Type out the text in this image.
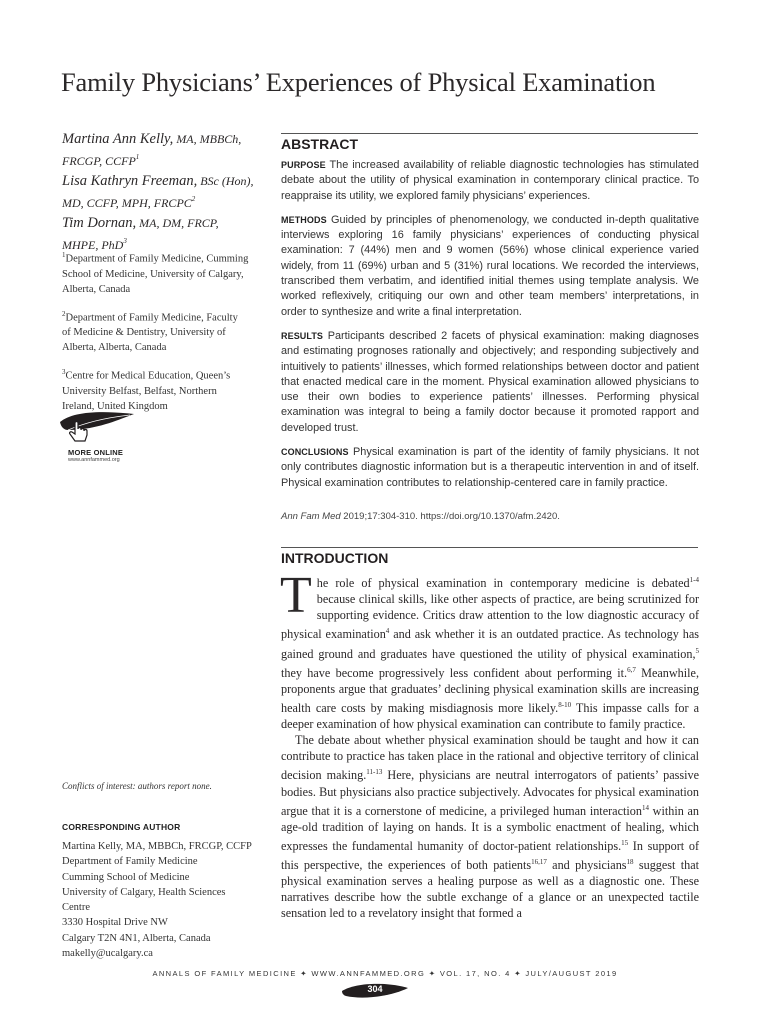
Family Physicians’ Experiences of Physical Examination

Martina Ann Kelly, MA, MBBCh,
FRCGP, CCFP$^1$

Lisa Kathryn Freeman, BSc (Hon),
MD, CCFP, MPH, FRCPC$^2$

Tim Dornan, MA, DM, FRCP,
MHPE, PhD$^3$

$^1$Department of Family Medicine, Cumming
School of Medicine, University of Calgary,
Alberta, Canada

$^2$Department of Family Medicine, Faculty
of Medicine & Dentistry, University of
Alberta, Alberta, Canada

$^3$Centre for Medical Education, Queen’s
University Belfast, Belfast, Northern
Ireland, United Kingdom

MORE ONLINE
www.annfammed.org
Conflicts of interest: authors report none.
CORRESPONDING AUTHOR
Martina Kelly, MA, MBBCh, FRCGP, CCFP
Department of Family Medicine
Cumming School of Medicine
University of Calgary, Health Sciences
Centre
3330 Hospital Drive NW
Calgary T2N 4N1, Alberta, Canada
makelly@ucalgary.ca
ABSTRACT

PURPOSE The increased availability of reliable diagnostic technologies has stimulated debate about the utility of physical examination in contemporary clinical practice. To reappraise its utility, we explored family physicians’ experiences.

METHODS Guided by principles of phenomenology, we conducted in-depth qualitative interviews exploring 16 family physicians’ experiences of conducting physical examination: 7 (44%) men and 9 women (56%) whose clinical experience varied widely, from 11 (69%) urban and 5 (31%) rural locations. We recorded the interviews, transcribed them verbatim, and identified initial themes using template analysis. We worked reflexively, critiquing our own and other team members’ interpretations, in order to synthesize and write a final interpretation.

RESULTS Participants described 2 facets of physical examination: making diagnoses and estimating prognoses rationally and objectively; and responding subjectively and intuitively to patients’ illnesses, which formed relationships between doctor and patient that enacted medical care in the moment. Physical examination allowed physicians to use their own bodies to experience patients’ illnesses. Performing physical examination was integral to being a family doctor because it promoted rapport and developed trust.

CONCLUSIONS Physical examination is part of the identity of family physicians. It not only contributes diagnostic information but is a therapeutic intervention in and of itself. Physical examination contributes to relationship-centered care in family practice.

Ann Fam Med 2019;17:304-310. https://doi.org/10.1370/afm.2420.
INTRODUCTION

The role of physical examination in contemporary medicine is debated$^{1-4}$ because clinical skills, like other aspects of practice, are being scrutinized for supporting evidence. Critics draw attention to the low diagnostic accuracy of physical examination$^4$ and ask whether it is an outdated practice. As technology has gained ground and graduates have questioned the utility of physical examination,$^5$ they have become progressively less confident about performing it.$^{6,7}$ Meanwhile, proponents argue that graduates’ declining physical examination skills are increasing health care costs by making misdiagnosis more likely.$^{8-10}$ This impasse calls for a deeper examination of how physical examination can contribute to family practice.

The debate about whether physical examination should be taught and how it can contribute to practice has taken place in the rational and objective territory of clinical decision making.$^{11-13}$ Here, physicians are neutral interrogators of patients’ passive bodies. But physicians also practice subjectively. Advocates for physical examination argue that it is a cornerstone of medicine, a privileged human interaction$^{14}$ within an age-old tradition of laying on hands. It is a symbolic enactment of healing, which expresses the fundamental humanity of doctor-patient relationships.$^{15}$ In support of this perspective, the experiences of both patients$^{16,17}$ and physicians$^{18}$ suggest that physical examination serves a healing purpose as well as a diagnostic one. These narratives describe how the subtle exchange of a glance or an unexpected tactile sensation led to a revelatory insight that formed a

ANNALS OF FAMILY MEDICINE ✦ WWW.ANNFAMMED.ORG ✦ VOL. 17, NO. 4 ✦ JULY/AUGUST 2019
304
